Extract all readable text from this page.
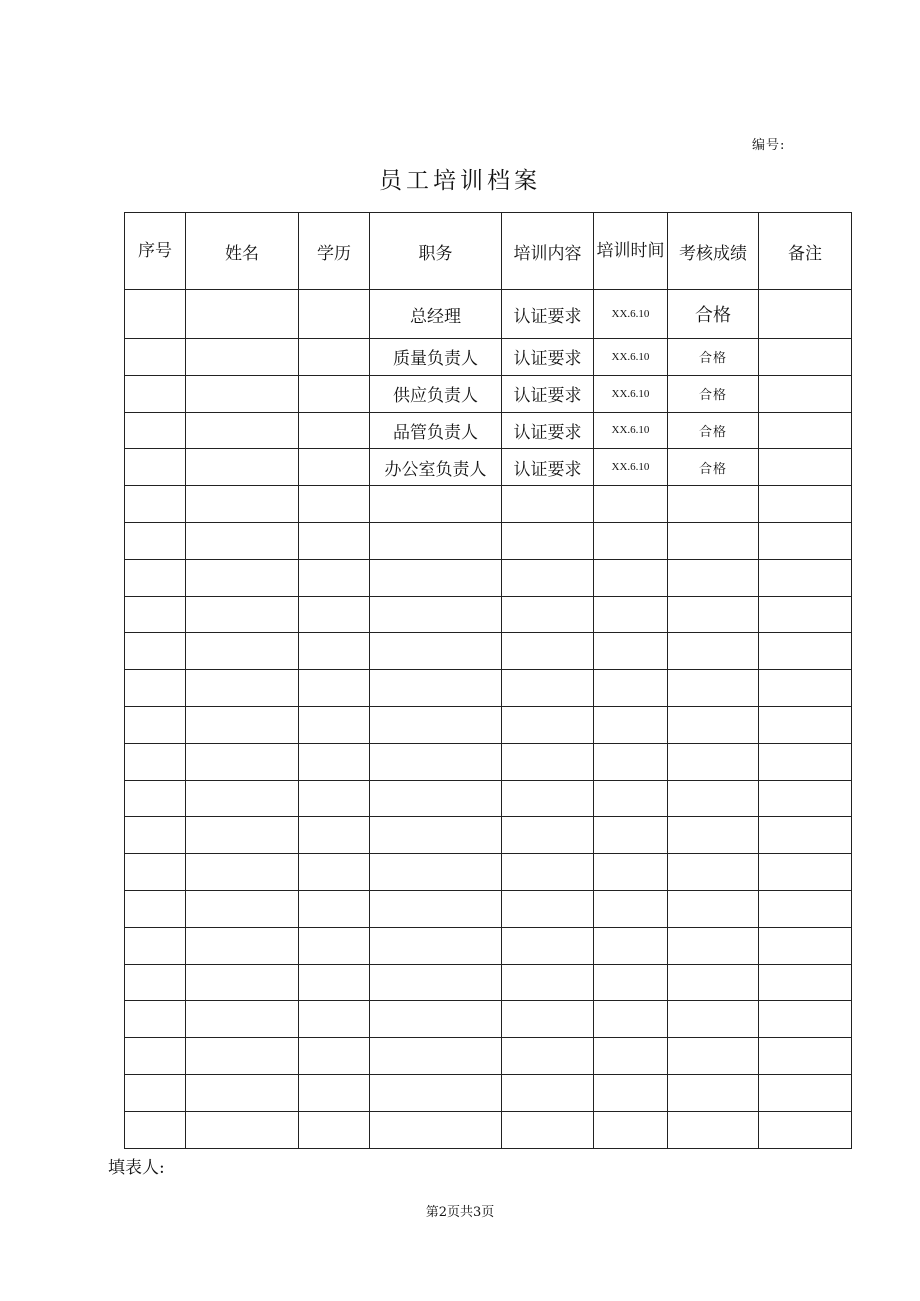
编号:
员工培训档案
序号	姓名	学历	职务	培训内容	培训时间	考核成绩	备注
			总经理	认证要求	XX.6.10	合格	
			质量负责人	认证要求	XX.6.10	合格	
			供应负责人	认证要求	XX.6.10	合格	
			品管负责人	认证要求	XX.6.10	合格	
			办公室负责人	认证要求	XX.6.10	合格	

填表人:
第2页共3页
